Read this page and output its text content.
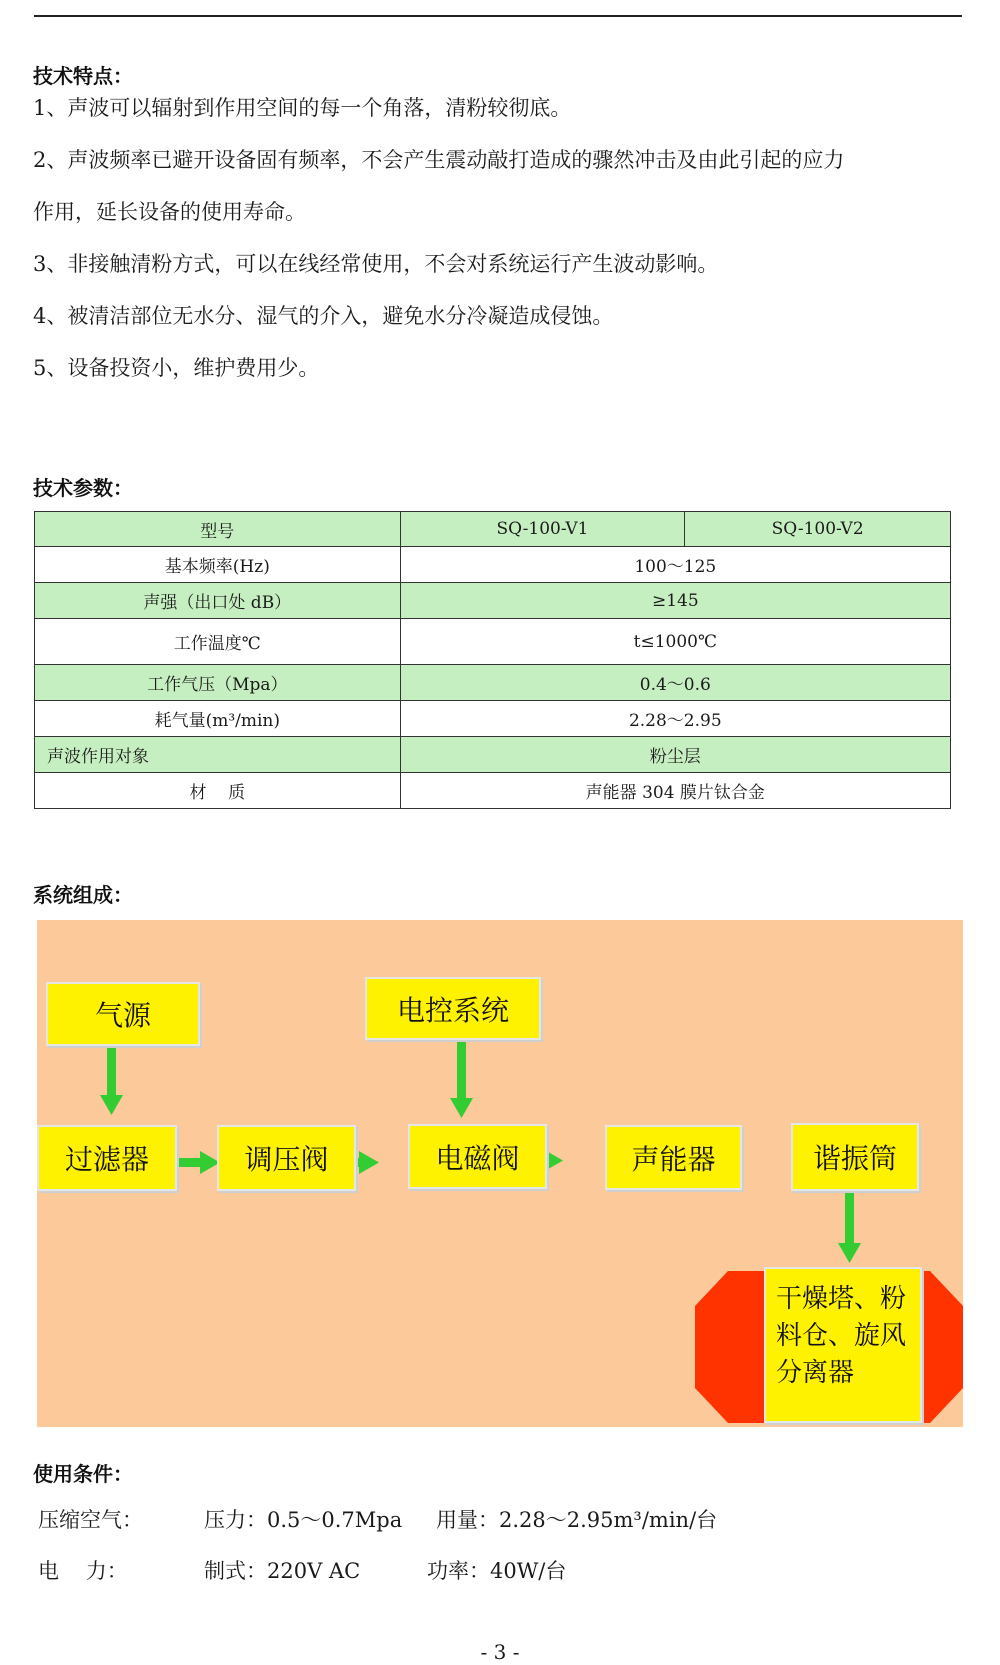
技术特点：

1、声波可以辐射到作用空间的每一个角落，清粉较彻底。

2、声波频率已避开设备固有频率，不会产生震动敲打造成的骤然冲击及由此引起的应力

作用，延长设备的使用寿命。

3、非接触清粉方式，可以在线经常使用，不会对系统运行产生波动影响。

4、被清洁部位无水分、湿气的介入，避免水分冷凝造成侵蚀。

5、设备投资小，维护费用少。

技术参数：
型号	SQ-100-V1	SQ-100-V2
基本频率(Hz)	100～125	
声强（出口处 dB）	≥145	
工作温度℃	t≤1000℃	
工作气压（Mpa）	0.4～0.6	
耗气量(m³/min)	2.28～2.95	
声波作用对象	粉尘层	
材    质	声能器 304 膜片钛合金	
系统组成：
气源	电控系统
过滤器	调压阀	电磁阀	声能器	谐振筒
干燥塔、粉料仓、旋风分离器
使用条件：
压缩空气：	压力：0.5～0.7Mpa 用量：2.28～2.95m³/min/台
电    力：	制式：220V AC	功率：40W/台
- 3 -
